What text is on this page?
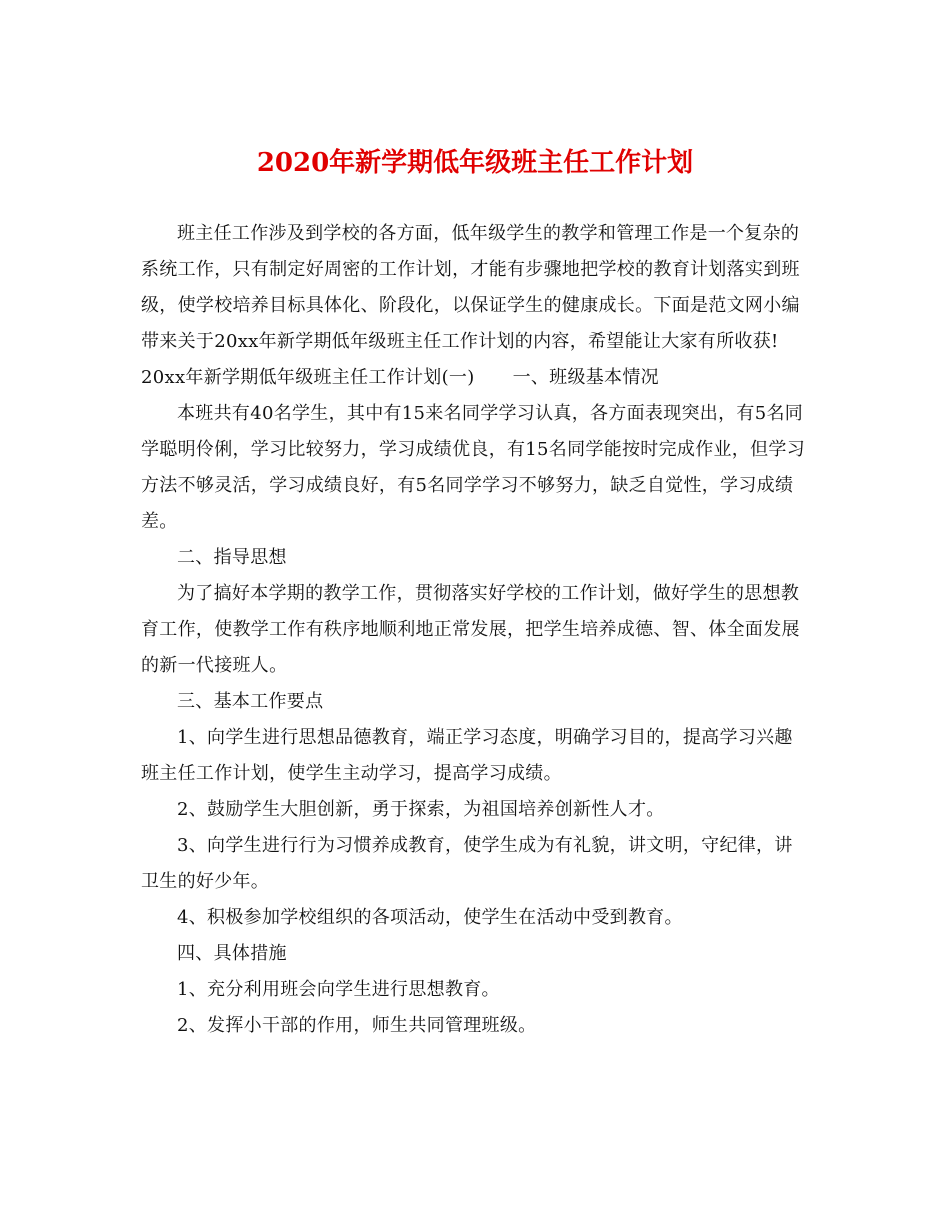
2020年新学期低年级班主任工作计划

班主任工作涉及到学校的各方面，低年级学生的教学和管理工作是一个复杂的系统工作，只有制定好周密的工作计划，才能有步骤地把学校的教育计划落实到班级，使学校培养目标具体化、阶段化，以保证学生的健康成长。下面是范文网小编带来关于20xx年新学期低年级班主任工作计划的内容，希望能让大家有所收获!

20xx年新学期低年级班主任工作计划(一) 一、班级基本情况

本班共有40名学生，其中有15来名同学学习认真，各方面表现突出，有5名同学聪明伶俐，学习比较努力，学习成绩优良，有15名同学能按时完成作业，但学习方法不够灵活，学习成绩良好，有5名同学学习不够努力，缺乏自觉性，学习成绩差。

二、指导思想

为了搞好本学期的教学工作，贯彻落实好学校的工作计划，做好学生的思想教育工作，使教学工作有秩序地顺利地正常发展，把学生培养成德、智、体全面发展的新一代接班人。

三、基本工作要点

1、向学生进行思想品德教育，端正学习态度，明确学习目的，提高学习兴趣班主任工作计划，使学生主动学习，提高学习成绩。

2、鼓励学生大胆创新，勇于探索，为祖国培养创新性人才。

3、向学生进行行为习惯养成教育，使学生成为有礼貌，讲文明，守纪律，讲卫生的好少年。

4、积极参加学校组织的各项活动，使学生在活动中受到教育。

四、具体措施

1、充分利用班会向学生进行思想教育。

2、发挥小干部的作用，师生共同管理班级。
